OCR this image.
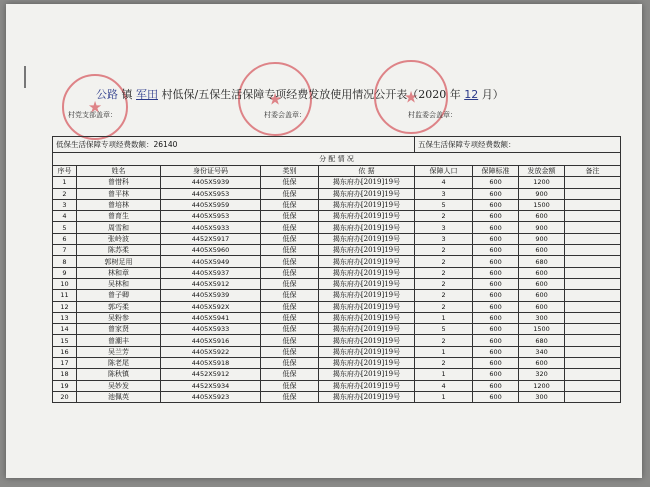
★
★
★
公路 镇 军田 村低保/五保生活保障专项经费发放使用情况公开表（2020 年 12 月）
村党支部盖章：	村委会盖章：	村监委会盖章：
低保生活保障专项经费数额：26140					五保生活保障专项经费数额：			
分 配 情 况								
序号	姓名	身份证号码	类别	依 据	保障人口	保障标准	发放金额	备注
1	曾惜科	4405X5939	低保	揭东府办[2019]19号	4	600	1200	
2	曾平林	4405X5953	低保	揭东府办[2019]19号	3	600	900	
3	曾培林	4405X5959	低保	揭东府办[2019]19号	5	600	1500	
4	曾育生	4405X5953	低保	揭东府办[2019]19号	2	600	600	
5	周雪和	4405X5933	低保	揭东府办[2019]19号	3	600	900	
6	张岭波	4452X5917	低保	揭东府办[2019]19号	3	600	900	
7	陈苏柔	4405X5960	低保	揭东府办[2019]19号	2	600	600	
8	郭树足用	4405X5949	低保	揭东府办[2019]19号	2	600	680	
9	林和章	4405X5937	低保	揭东府办[2019]19号	2	600	600	
10	吴林和	4405X5912	低保	揭东府办[2019]19号	2	600	600	
11	曾子卿	4405X5939	低保	揭东府办[2019]19号	2	600	600	
12	郭巧柔	4405X592X	低保	揭东府办[2019]19号	2	600	600	
13	吴粉参	4405X5941	低保	揭东府办[2019]19号	1	600	300	
14	曾家贤	4405X5933	低保	揭东府办[2019]19号	5	600	1500	
15	曾潮丰	4405X5916	低保	揭东府办[2019]19号	2	600	680	
16	吴兰芳	4405X5922	低保	揭东府办[2019]19号	1	600	340	
17	陈老尾	4405X5918	低保	揭东府办[2019]19号	2	600	600	
18	陈秋镇	4452X5912	低保	揭东府办[2019]19号	1	600	320	
19	吴妙发	4452X5934	低保	揭东府办[2019]19号	4	600	1200	
20	池佩英	4405X5923	低保	揭东府办[2019]19号	1	600	300	
